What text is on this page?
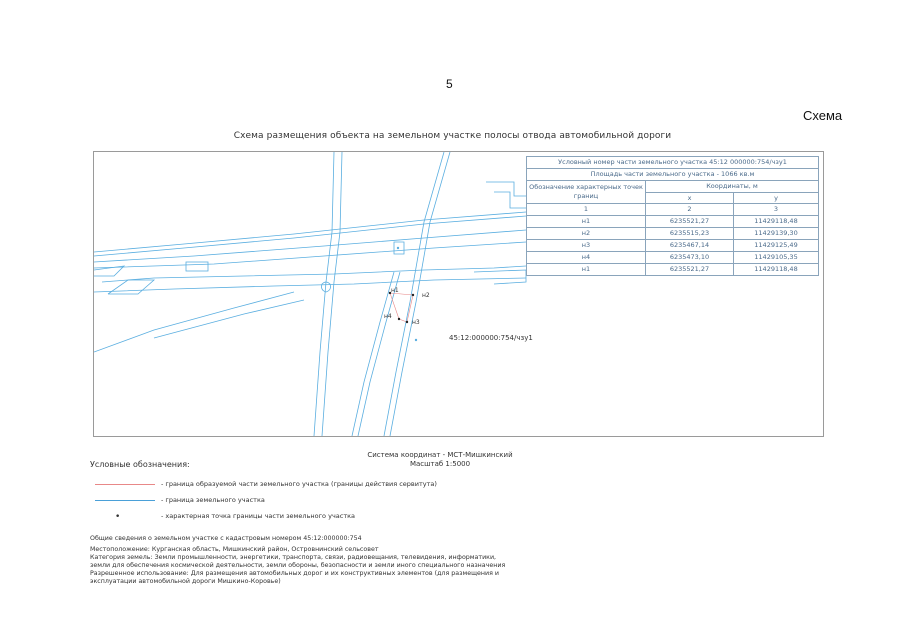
5
Схема
Схема размещения объекта на земельном участке полосы отвода автомобильной дороги
н1
н2
н4
н3
45:12:000000:754/чзу1
Условный номер части земельного участка 45:12 000000:754/чзу1		
Площадь части земельного участка - 1066 кв.м		
Обозначение характерных точек границ	Координаты, м	
	х	у
1	2	3
н1	6235521,27	11429118,48
н2	6235515,23	11429139,30
н3	6235467,14	11429125,49
н4	6235473,10	11429105,35
н1	6235521,27	11429118,48
Система координат - МСТ-Мишкинский
Масштаб 1:5000
Условные обозначения:
- граница образуемой части земельного участка (границы действия сервитута)
- граница земельного участка
•	- характерная точка границы части земельного участка
Общие сведения о земельном участке с кадастровым номером 45:12:000000:754
Местоположение: Курганская область, Мишкинский район, Островнинский сельсовет
Категория земель: Земли промышленности, энергетики, транспорта, связи, радиовещания, телевидения, информатики,
земли для обеспечения космической деятельности, земли обороны, безопасности и земли иного специального назначения
Разрешенное использование: Для размещения автомобильных дорог и их конструктивных элементов (для размещения и
эксплуатации автомобильной дороги Мишкино-Коровье)
